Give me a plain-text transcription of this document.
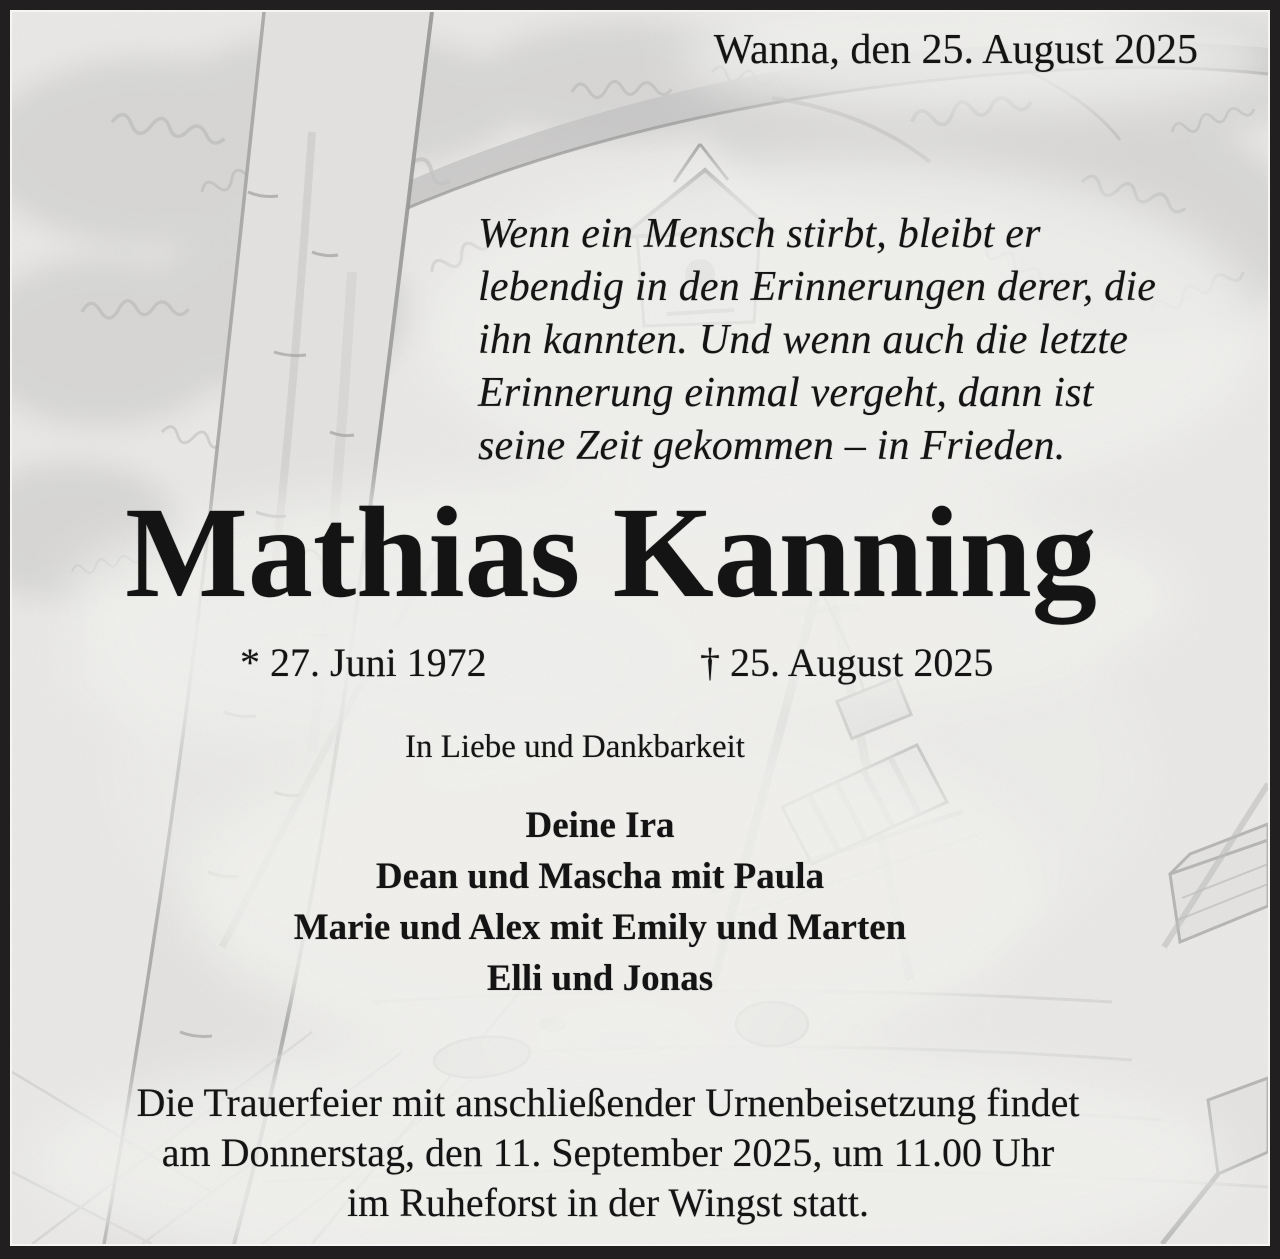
Wanna, den 25. August 2025
Wenn ein Mensch stirbt, bleibt er
lebendig in den Erinnerungen derer, die
ihn kannten. Und wenn auch die letzte
Erinnerung einmal vergeht, dann ist
seine Zeit gekommen – in Frieden.
Mathias Kanning
* 27. Juni 1972	† 25. August 2025
In Liebe und Dankbarkeit
Deine Ira
Dean und Mascha mit Paula
Marie und Alex mit Emily und Marten
Elli und Jonas
Die Trauerfeier mit anschließender Urnenbeisetzung findet
am Donnerstag, den 11. September 2025, um 11.00 Uhr
im Ruheforst in der Wingst statt.
